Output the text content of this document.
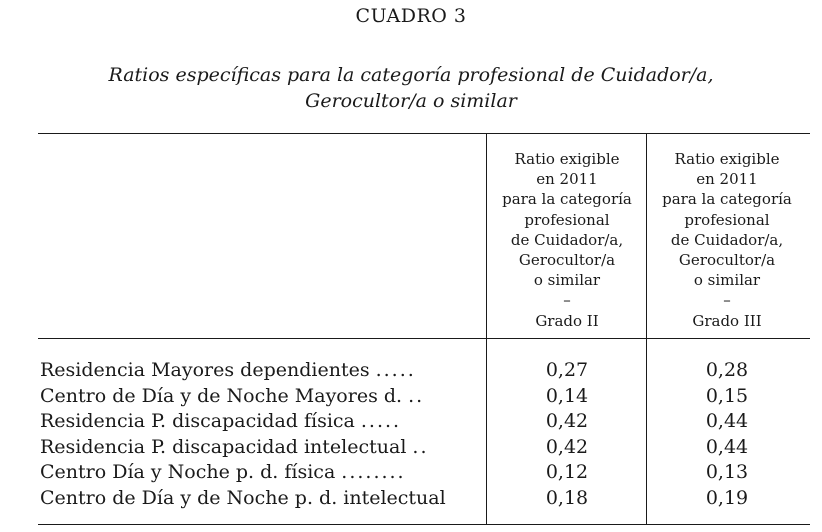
CUADRO 3
Ratios específicas para la categoría profesional de Cuidador/a,
Gerocultor/a o similar
Ratio exigible
en 2011
para la categoría
profesional
de Cuidador/a,
Gerocultor/a
o similar
–
Grado II
Ratio exigible
en 2011
para la categoría
profesional
de Cuidador/a,
Gerocultor/a
o similar
–
Grado III
Residencia Mayores dependientes .....	0,27	0,28
Centro de Día y de Noche Mayores d. ..	0,14	0,15
Residencia P. discapacidad física .....	0,42	0,44
Residencia P. discapacidad intelectual ..	0,42	0,44
Centro Día y Noche p. d. física ........	0,12	0,13
Centro de Día y de Noche p. d. intelectual	0,18	0,19
